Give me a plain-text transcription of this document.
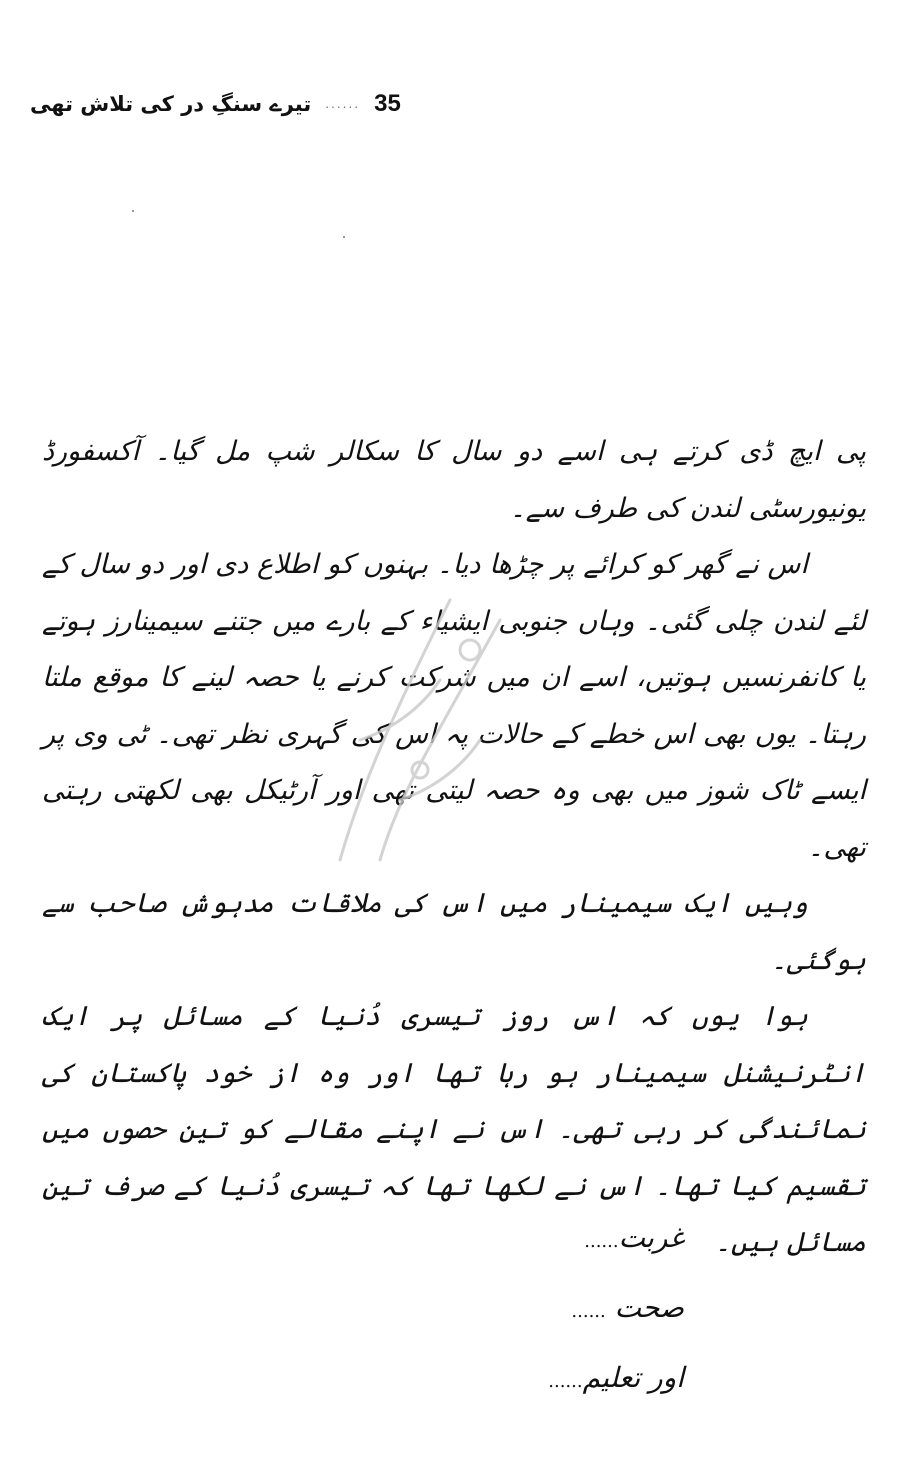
تیرے سنگِ در کی تلاش تھی ...... 35

پی ایچ ڈی کرتے ہی اسے دو سال کا سکالر شپ مل گیا۔ آکسفورڈ یونیورسٹی لندن کی طرف سے۔

اس نے گھر کو کرائے پر چڑھا دیا۔ بہنوں کو اطلاع دی اور دو سال کے لئے لندن چلی گئی۔ وہاں جنوبی ایشیاء کے بارے میں جتنے سیمینارز ہوتے یا کانفرنسیں ہوتیں، اسے ان میں شرکت کرنے یا حصہ لینے کا موقع ملتا رہتا۔ یوں بھی اس خطے کے حالات پہ اس کی گہری نظر تھی۔ ٹی وی پر ایسے ٹاک شوز میں بھی وہ حصہ لیتی تھی اور آرٹیکل بھی لکھتی رہتی تھی۔

وہیں ایک سیمینار میں اس کی ملاقات مدہوش صاحب سے ہوگئی۔

ہوا یوں کہ اس روز تیسری دُنیا کے مسائل پر ایک انٹرنیشنل سیمینار ہو رہا تھا اور وہ از خود پاکستان کی نمائندگی کر رہی تھی۔ اس نے اپنے مقالے کو تین حصوں میں تقسیم کیا تھا۔ اس نے لکھا تھا کہ تیسری دُنیا کے صرف تین مسائل ہیں۔

غربت......
صحت ......
اور تعلیم......
